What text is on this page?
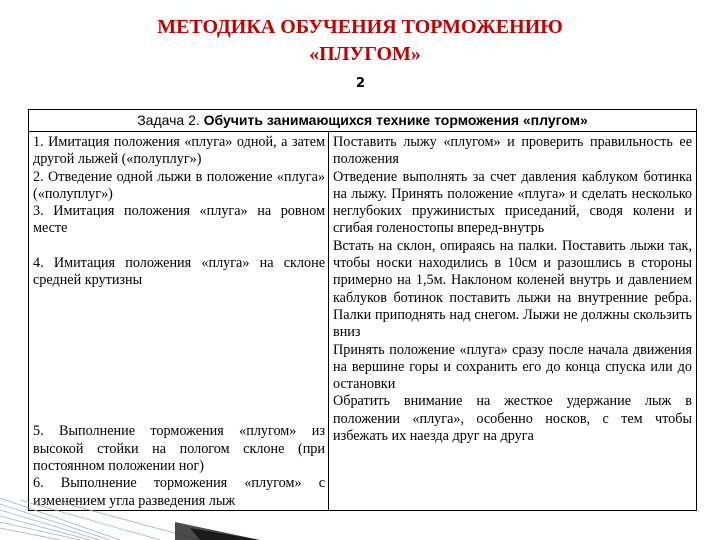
МЕТОДИКА ОБУЧЕНИЯ ТОРМОЖЕНИЮ
«ПЛУГОМ»
2
Задача 2. Обучить занимающихся технике торможения «плугом»
1. Имитация положения «плуга» одной, а затем другой лыжей («полуплуг»)
2. Отведение одной лыжи в положение «плуга» («полуплуг»)
3. Имитация положения «плуга» на ровном месте
4. Имитация положения «плуга» на склоне средней крутизны
5. Выполнение торможения «плугом» из высокой стойки на пологом склоне (при постоянном положении ног)
6. Выполнение торможения «плугом» с изменением угла разведения лыж
Поставить лыжу «плугом» и проверить правильность ее положения
Отведение выполнять за счет давления каблуком ботинка на лыжу. Принять положение «плуга» и сделать несколько неглубоких пружинистых приседаний, сводя колени и сгибая голеностопы вперед-внутрь
Встать на склон, опираясь на палки. Поставить лыжи так, чтобы носки находились в 10см и разошлись в стороны примерно на 1,5м. Наклоном коленей внутрь и давлением каблуков ботинок поставить лыжи на внутренние ребра. Палки приподнять над снегом. Лыжи не должны скользить вниз
Принять положение «плуга» сразу после начала движения на вершине горы и сохранить его до конца спуска или до остановки
Обратить внимание на жесткое удержание лыж в положении «плуга», особенно носков, с тем чтобы избежать их наезда друг на друга
